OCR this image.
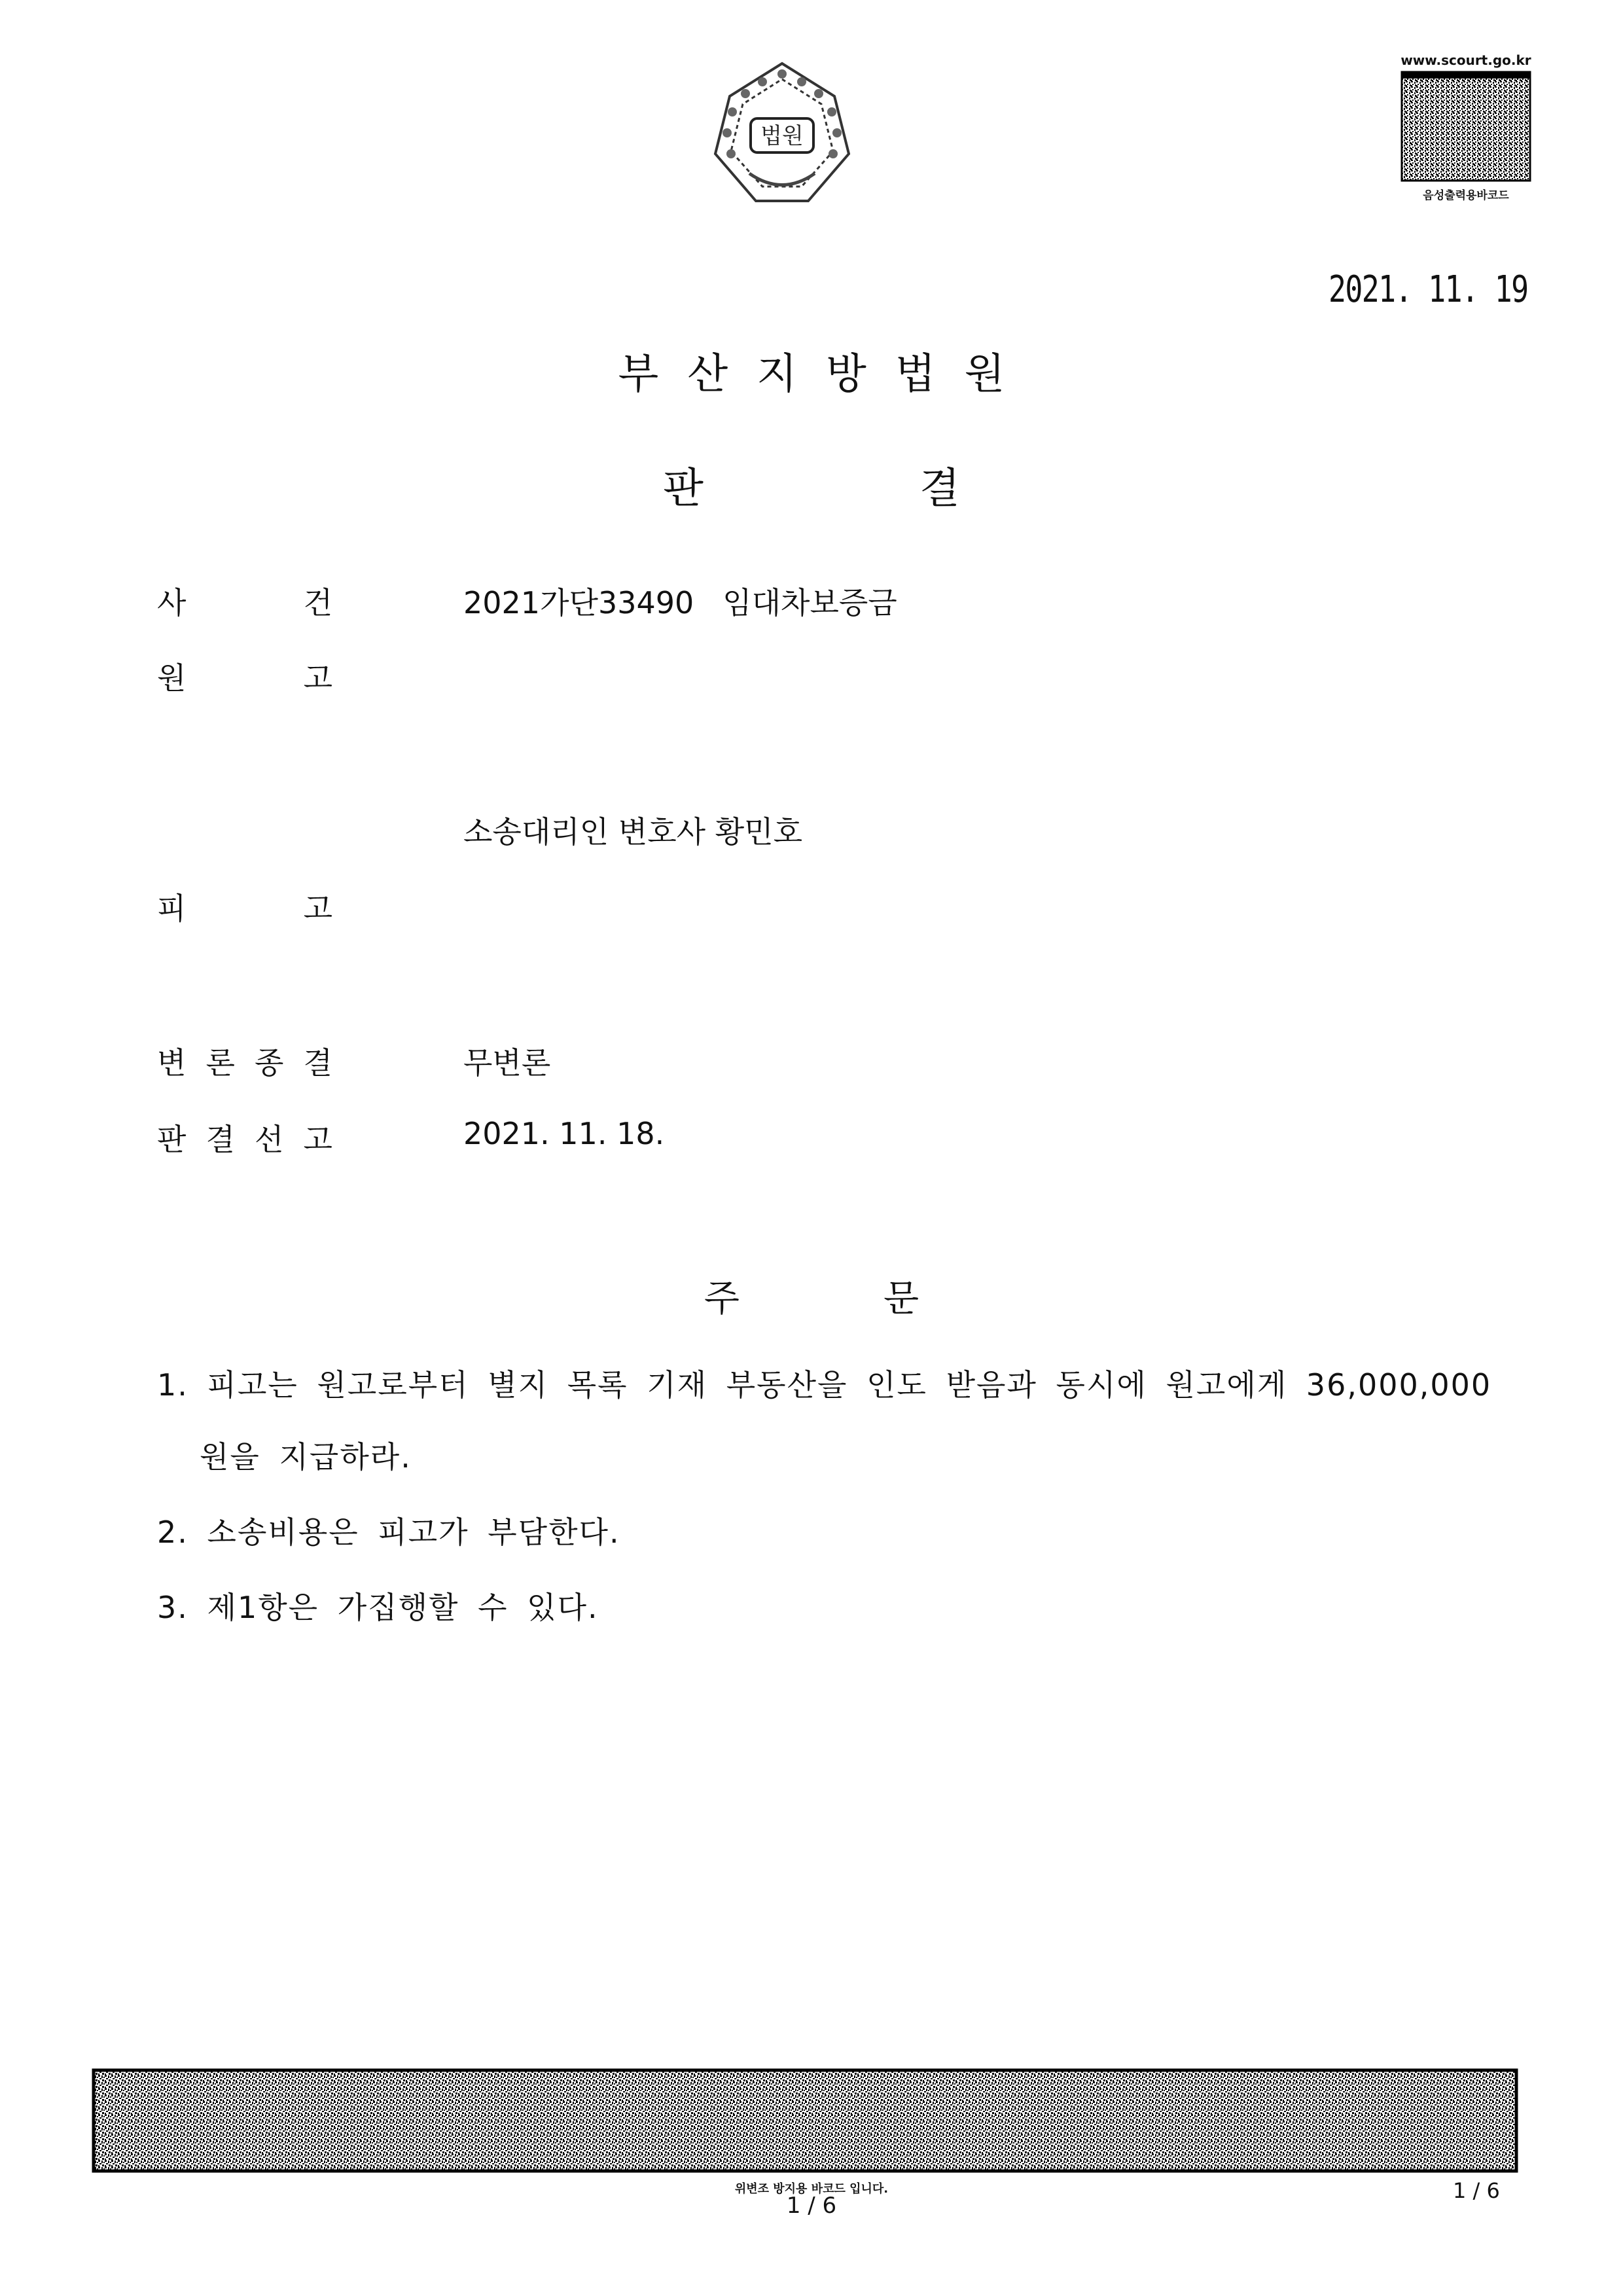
법원
www.scourt.go.kr
음성출력용바코드
2021. 11. 19
부산지방법원
판결
사	건	2021가단33490   임대차보증금
원	고
소송대리인 변호사 황민호
피	고
변 론 종 결	무변론
판 결 선 고	2021. 11. 18.
주문
1. 피고는 원고로부터 별지 목록 기재 부동산을 인도 받음과 동시에 원고에게 36,000,000
원을 지급하라.
2. 소송비용은 피고가 부담한다.
3. 제1항은 가집행할 수 있다.
위변조 방지용 바코드 입니다.
1 / 6
1 / 6
